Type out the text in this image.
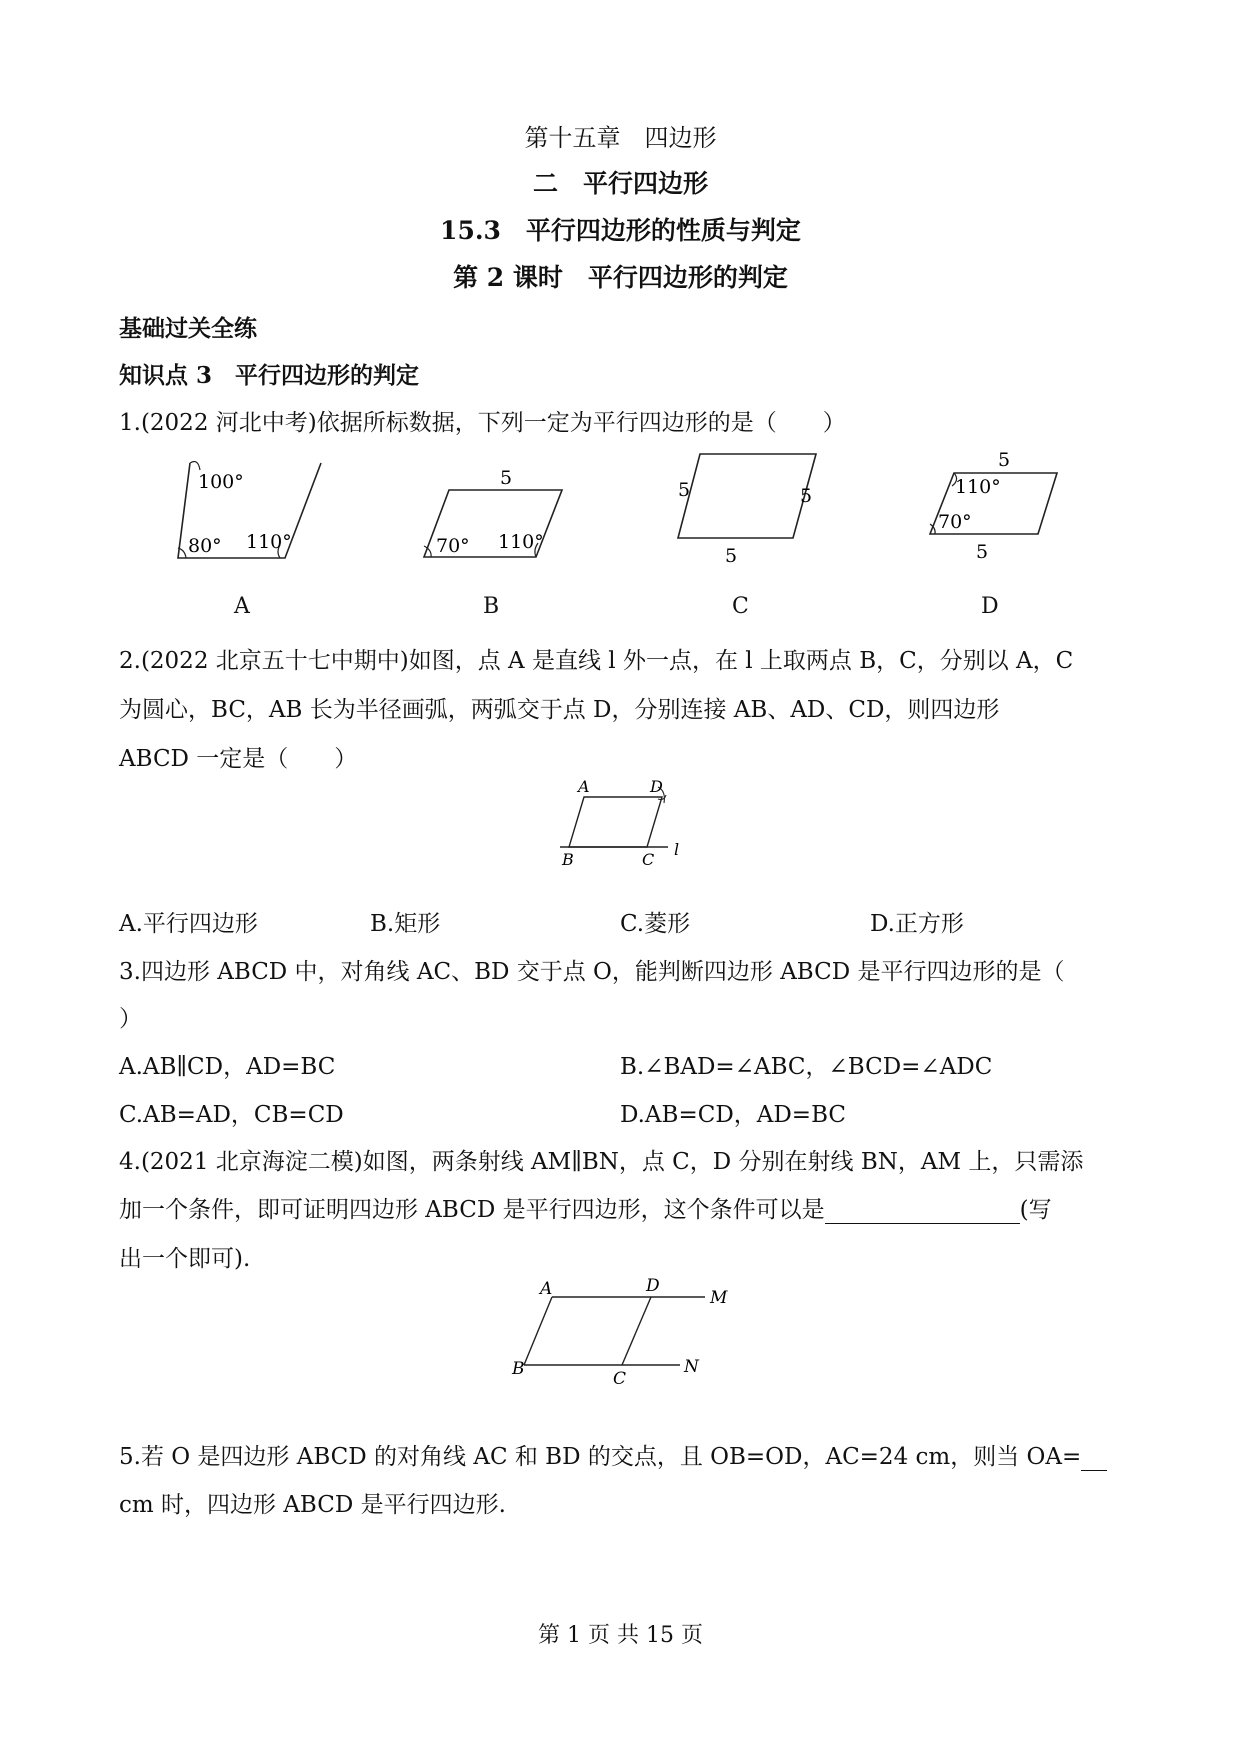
第十五章　四边形
二　平行四边形
15.3　平行四边形的性质与判定
第 2 课时　平行四边形的判定
基础过关全练
知识点 3　平行四边形的判定
1.(2022 河北中考)依据所标数据，下列一定为平行四边形的是（　　）
100°
80° 110°
5
70° 110°
5	5
5
5
110°
70°
5
A	B	C	D
2.(2022 北京五十七中期中)如图，点 A 是直线 l 外一点，在 l 上取两点 B，C，分别以 A，C
为圆心，BC，AB 长为半径画弧，两弧交于点 D，分别连接 AB、AD、CD，则四边形
ABCD 一定是（　　）
A	D
B	C
l
A.平行四边形	B.矩形	C.菱形	D.正方形
3.四边形 ABCD 中，对角线 AC、BD 交于点 O，能判断四边形 ABCD 是平行四边形的是（
）
A.AB∥CD，AD=BC	B.∠BAD=∠ABC，∠BCD=∠ADC
C.AB=AD，CB=CD	D.AB=CD，AD=BC
4.(2021 北京海淀二模)如图，两条射线 AM∥BN，点 C，D 分别在射线 BN，AM 上，只需添
加一个条件，即可证明四边形 ABCD 是平行四边形，这个条件可以是	(写
出一个即可).
A	D
M
B	C
N
5.若 O 是四边形 ABCD 的对角线 AC 和 BD 的交点，且 OB=OD，AC=24 cm，则当 OA=
cm 时，四边形 ABCD 是平行四边形.
第 1 页 共 15 页
